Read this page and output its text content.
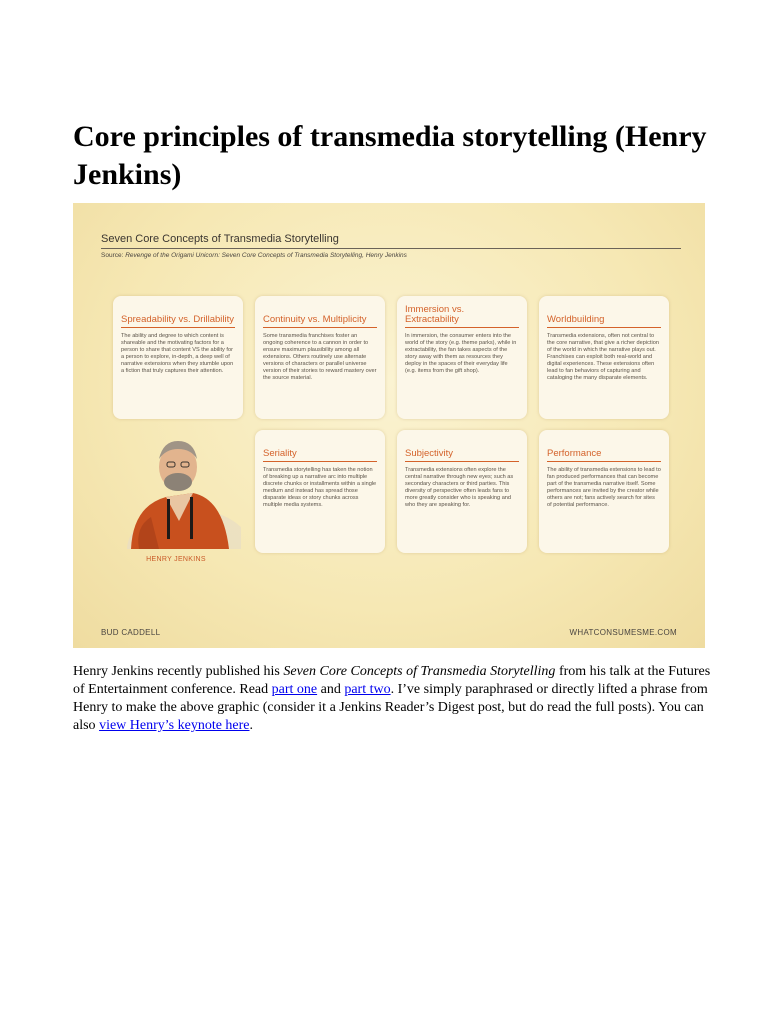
Core principles of transmedia storytelling (Henry Jenkins)
Seven Core Concepts of Transmedia Storytelling
Source: Revenge of the Origami Unicorn: Seven Core Concepts of Transmedia Storytelling, Henry Jenkins
Spreadability vs. Drillability
The ability and degree to which content is shareable and the motivating factors for a person to share that content VS the ability for a person to explore, in-depth, a deep well of narrative extensions when they stumble upon a fiction that truly captures their attention.
Continuity vs. Multiplicity
Some transmedia franchises foster an ongoing coherence to a cannon in order to ensure maximum plausibility among all extensions. Others routinely use alternate versions of characters or parallel universe version of their stories to reward mastery over the source material.
Immersion vs. Extractability
In immersion, the consumer enters into the world of the story (e.g. theme parks), while in extractability, the fan takes aspects of the story away with them as resources they deploy in the spaces of their everyday life (e.g. items from the gift shop).
Worldbuilding
Transmedia extensions, often not central to the core narrative, that give a richer depiction of the world in which the narrative plays out. Franchises can exploit both real-world and digital experiences. These extensions often lead to fan behaviors of capturing and cataloging the many disparate elements.
HENRY JENKINS
Seriality
Transmedia storytelling has taken the notion of breaking up a narrative arc into multiple discrete chunks or installments within a single medium and instead has spread those disparate ideas or story chunks across multiple media systems.
Subjectivity
Transmedia extensions often explore the central narrative through new eyes; such as secondary characters or third parties. This diversity of perspective often leads fans to more greatly consider who is speaking and who they are speaking for.
Performance
The ability of transmedia extensions to lead to fan produced performances that can become part of the transmedia narrative itself. Some performances are invited by the creator while others are not; fans actively search for sites of potential performance.
BUD CADDELL	WHATCONSUMESME.COM

Henry Jenkins recently published his Seven Core Concepts of Transmedia Storytelling from his talk at the Futures of Entertainment conference. Read part one and part two. I’ve simply paraphrased or directly lifted a phrase from Henry to make the above graphic (consider it a Jenkins Reader’s Digest post, but do read the full posts). You can also view Henry’s keynote here.
